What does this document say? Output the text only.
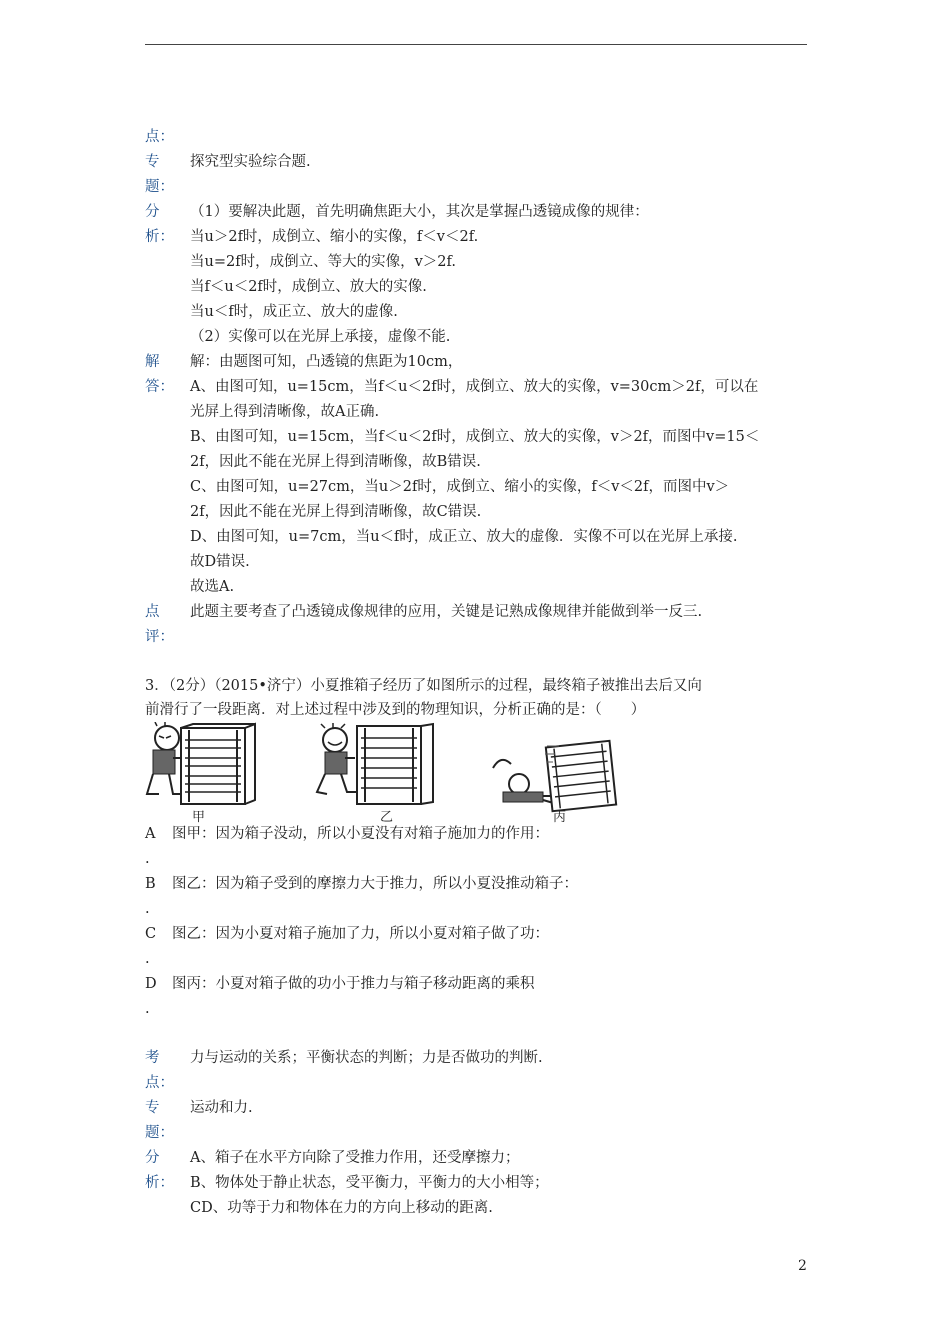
点：
专 探究型实验综合题.
题：
分
析：
（1）要解决此题，首先明确焦距大小，其次是掌握凸透镜成像的规律：
当u＞2f时，成倒立、缩小的实像，f＜v＜2f.
当u=2f时，成倒立、等大的实像，v＞2f.
当f＜u＜2f时，成倒立、放大的实像.
当u＜f时，成正立、放大的虚像.
（2）实像可以在光屏上承接，虚像不能.
解
答：
解：由题图可知，凸透镜的焦距为10cm，
A、由图可知，u=15cm，当f＜u＜2f时，成倒立、放大的实像，v=30cm＞2f，可以在
光屏上得到清晰像，故A正确.
B、由图可知，u=15cm，当f＜u＜2f时，成倒立、放大的实像，v＞2f，而图中v=15＜
2f，因此不能在光屏上得到清晰像，故B错误.
C、由图可知，u=27cm，当u＞2f时，成倒立、缩小的实像，f＜v＜2f，而图中v＞
2f，因此不能在光屏上得到清晰像，故C错误.
D、由图可知，u=7cm，当u＜f时，成正立、放大的虚像．实像不可以在光屏上承接.
故D错误.
故选A.
点 此题主要考查了凸透镜成像规律的应用，关键是记熟成像规律并能做到举一反三.
评：
3．（2分）（2015•济宁）小夏推箱子经历了如图所示的过程，最终箱子被推出去后又向
前滑行了一段距离．对上述过程中涉及到的物理知识，分析正确的是：（　　）
甲	乙	丙
A 图甲：因为箱子没动，所以小夏没有对箱子施加力的作用：
.
B 图乙：因为箱子受到的摩擦力大于推力，所以小夏没推动箱子：
.
C 图乙：因为小夏对箱子施加了力，所以小夏对箱子做了功：
.
D 图丙：小夏对箱子做的功小于推力与箱子移动距离的乘积
.
考 力与运动的关系；平衡状态的判断；力是否做功的判断.
点：
专 运动和力.
题：
分
析：
A、箱子在水平方向除了受推力作用，还受摩擦力；
B、物体处于静止状态，受平衡力，平衡力的大小相等；
CD、功等于力和物体在力的方向上移动的距离.
2
